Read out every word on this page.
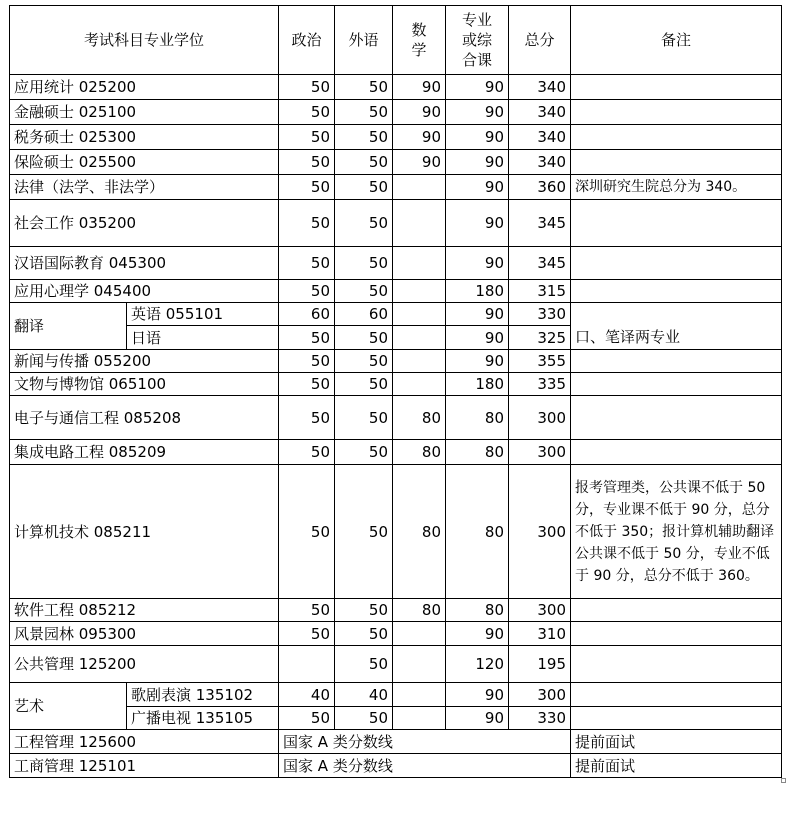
考试科目专业学位		政治	外语	数学	专业或综合课	总分	备注
应用统计 025200		50	50	90	90	340	
金融硕士 025100		50	50	90	90	340	
税务硕士 025300		50	50	90	90	340	
保险硕士 025500		50	50	90	90	340	
法律（法学、非法学）		50	50		90	360	深圳研究生院总分为 340。
社会工作 035200		50	50		90	345	
汉语国际教育 045300		50	50		90	345	
应用心理学 045400		50	50		180	315	
翻译	英语 055101	60	60		90	330	
	日语	50	50		90	325	口、笔译两专业
新闻与传播 055200		50	50		90	355	
文物与博物馆 065100		50	50		180	335	
电子与通信工程 085208		50	50	80	80	300	
集成电路工程 085209		50	50	80	80	300	
计算机技术 085211		50	50	80	80	300	报考管理类，公共课不低于 50 分，专业课不低于 90 分，总分不低于 350；报计算机辅助翻译公共课不低于 50 分，专业不低于 90 分，总分不低于 360。
软件工程 085212		50	50	80	80	300	
风景园林 095300		50	50		90	310	
公共管理 125200			50		120	195	
艺术	歌剧表演 135102	40	40		90	300	
	广播电视 135105	50	50		90	330	
工程管理 125600		国家 A 类分数线					提前面试
工商管理 125101		国家 A 类分数线					提前面试
